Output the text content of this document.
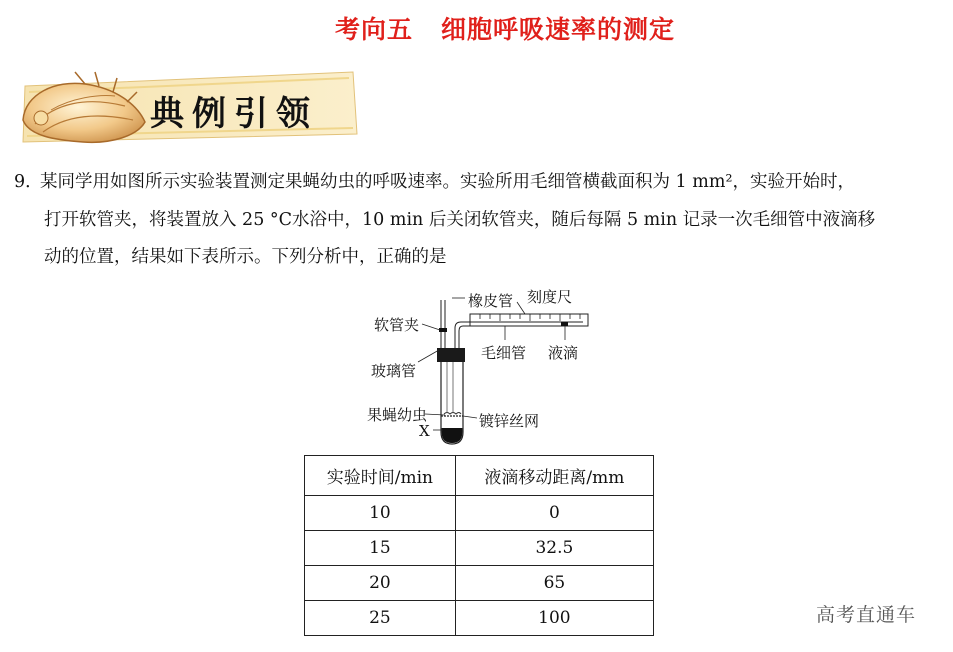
考向五 细胞呼吸速率的测定
典例引领
9．
某同学用如图所示实验装置测定果蝇幼虫的呼吸速率。实验所用毛细管横截面积为 1 mm²，实验开始时，
打开软管夹，将装置放入 25 °C水浴中，10 min 后关闭软管夹，随后每隔 5 min 记录一次毛细管中液滴移
动的位置，结果如下表所示。下列分析中，正确的是
橡皮管 刻度尺
软管夹
毛细管 液滴
玻璃管
果蝇幼虫	镀锌丝网
X
实验时间/min	液滴移动距离/mm
10	0
15	32.5
20	65
25	100	高考直通车
